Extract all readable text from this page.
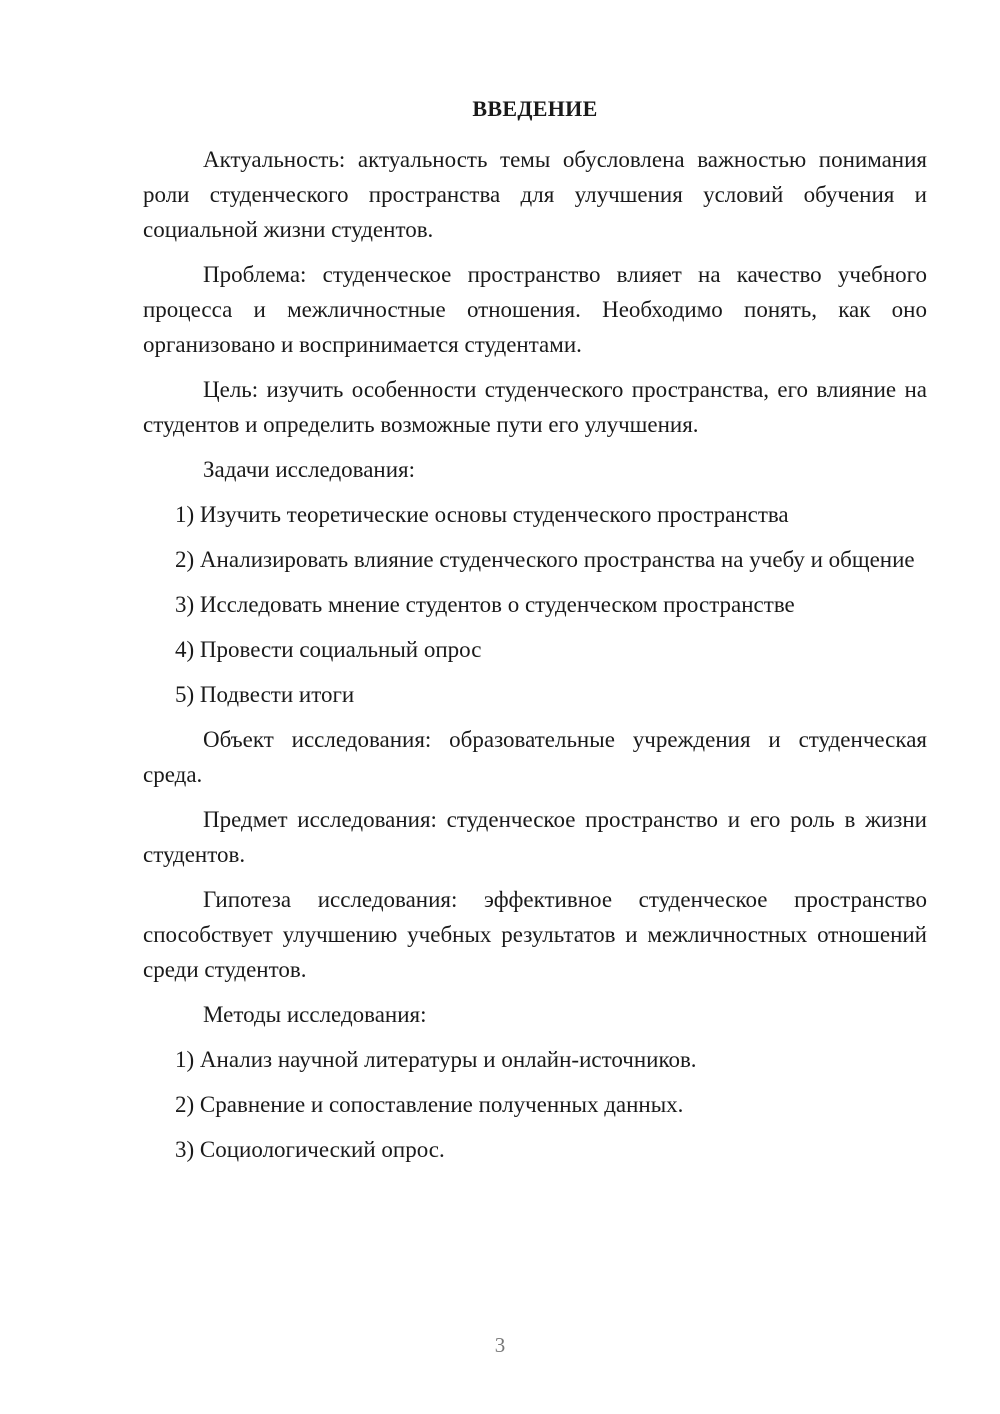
ВВЕДЕНИЕ

Актуальность: актуальность темы обусловлена важностью понимания роли студенческого пространства для улучшения условий обучения и социальной жизни студентов.

Проблема: студенческое пространство влияет на качество учебного процесса и межличностные отношения. Необходимо понять, как оно организовано и воспринимается студентами.

Цель: изучить особенности студенческого пространства, его влияние на студентов и определить возможные пути его улучшения.

Задачи исследования:

1) Изучить теоретические основы студенческого пространства

2) Анализировать влияние студенческого пространства на учебу и общение

3) Исследовать мнение студентов о студенческом пространстве

4) Провести социальный опрос

5) Подвести итоги

Объект исследования: образовательные учреждения и студенческая среда.

Предмет исследования: студенческое пространство и его роль в жизни студентов.

Гипотеза исследования: эффективное студенческое пространство способствует улучшению учебных результатов и межличностных отношений среди студентов.

Методы исследования:

1) Анализ научной литературы и онлайн-источников.

2) Сравнение и сопоставление полученных данных.

3) Социологический опрос.

3
